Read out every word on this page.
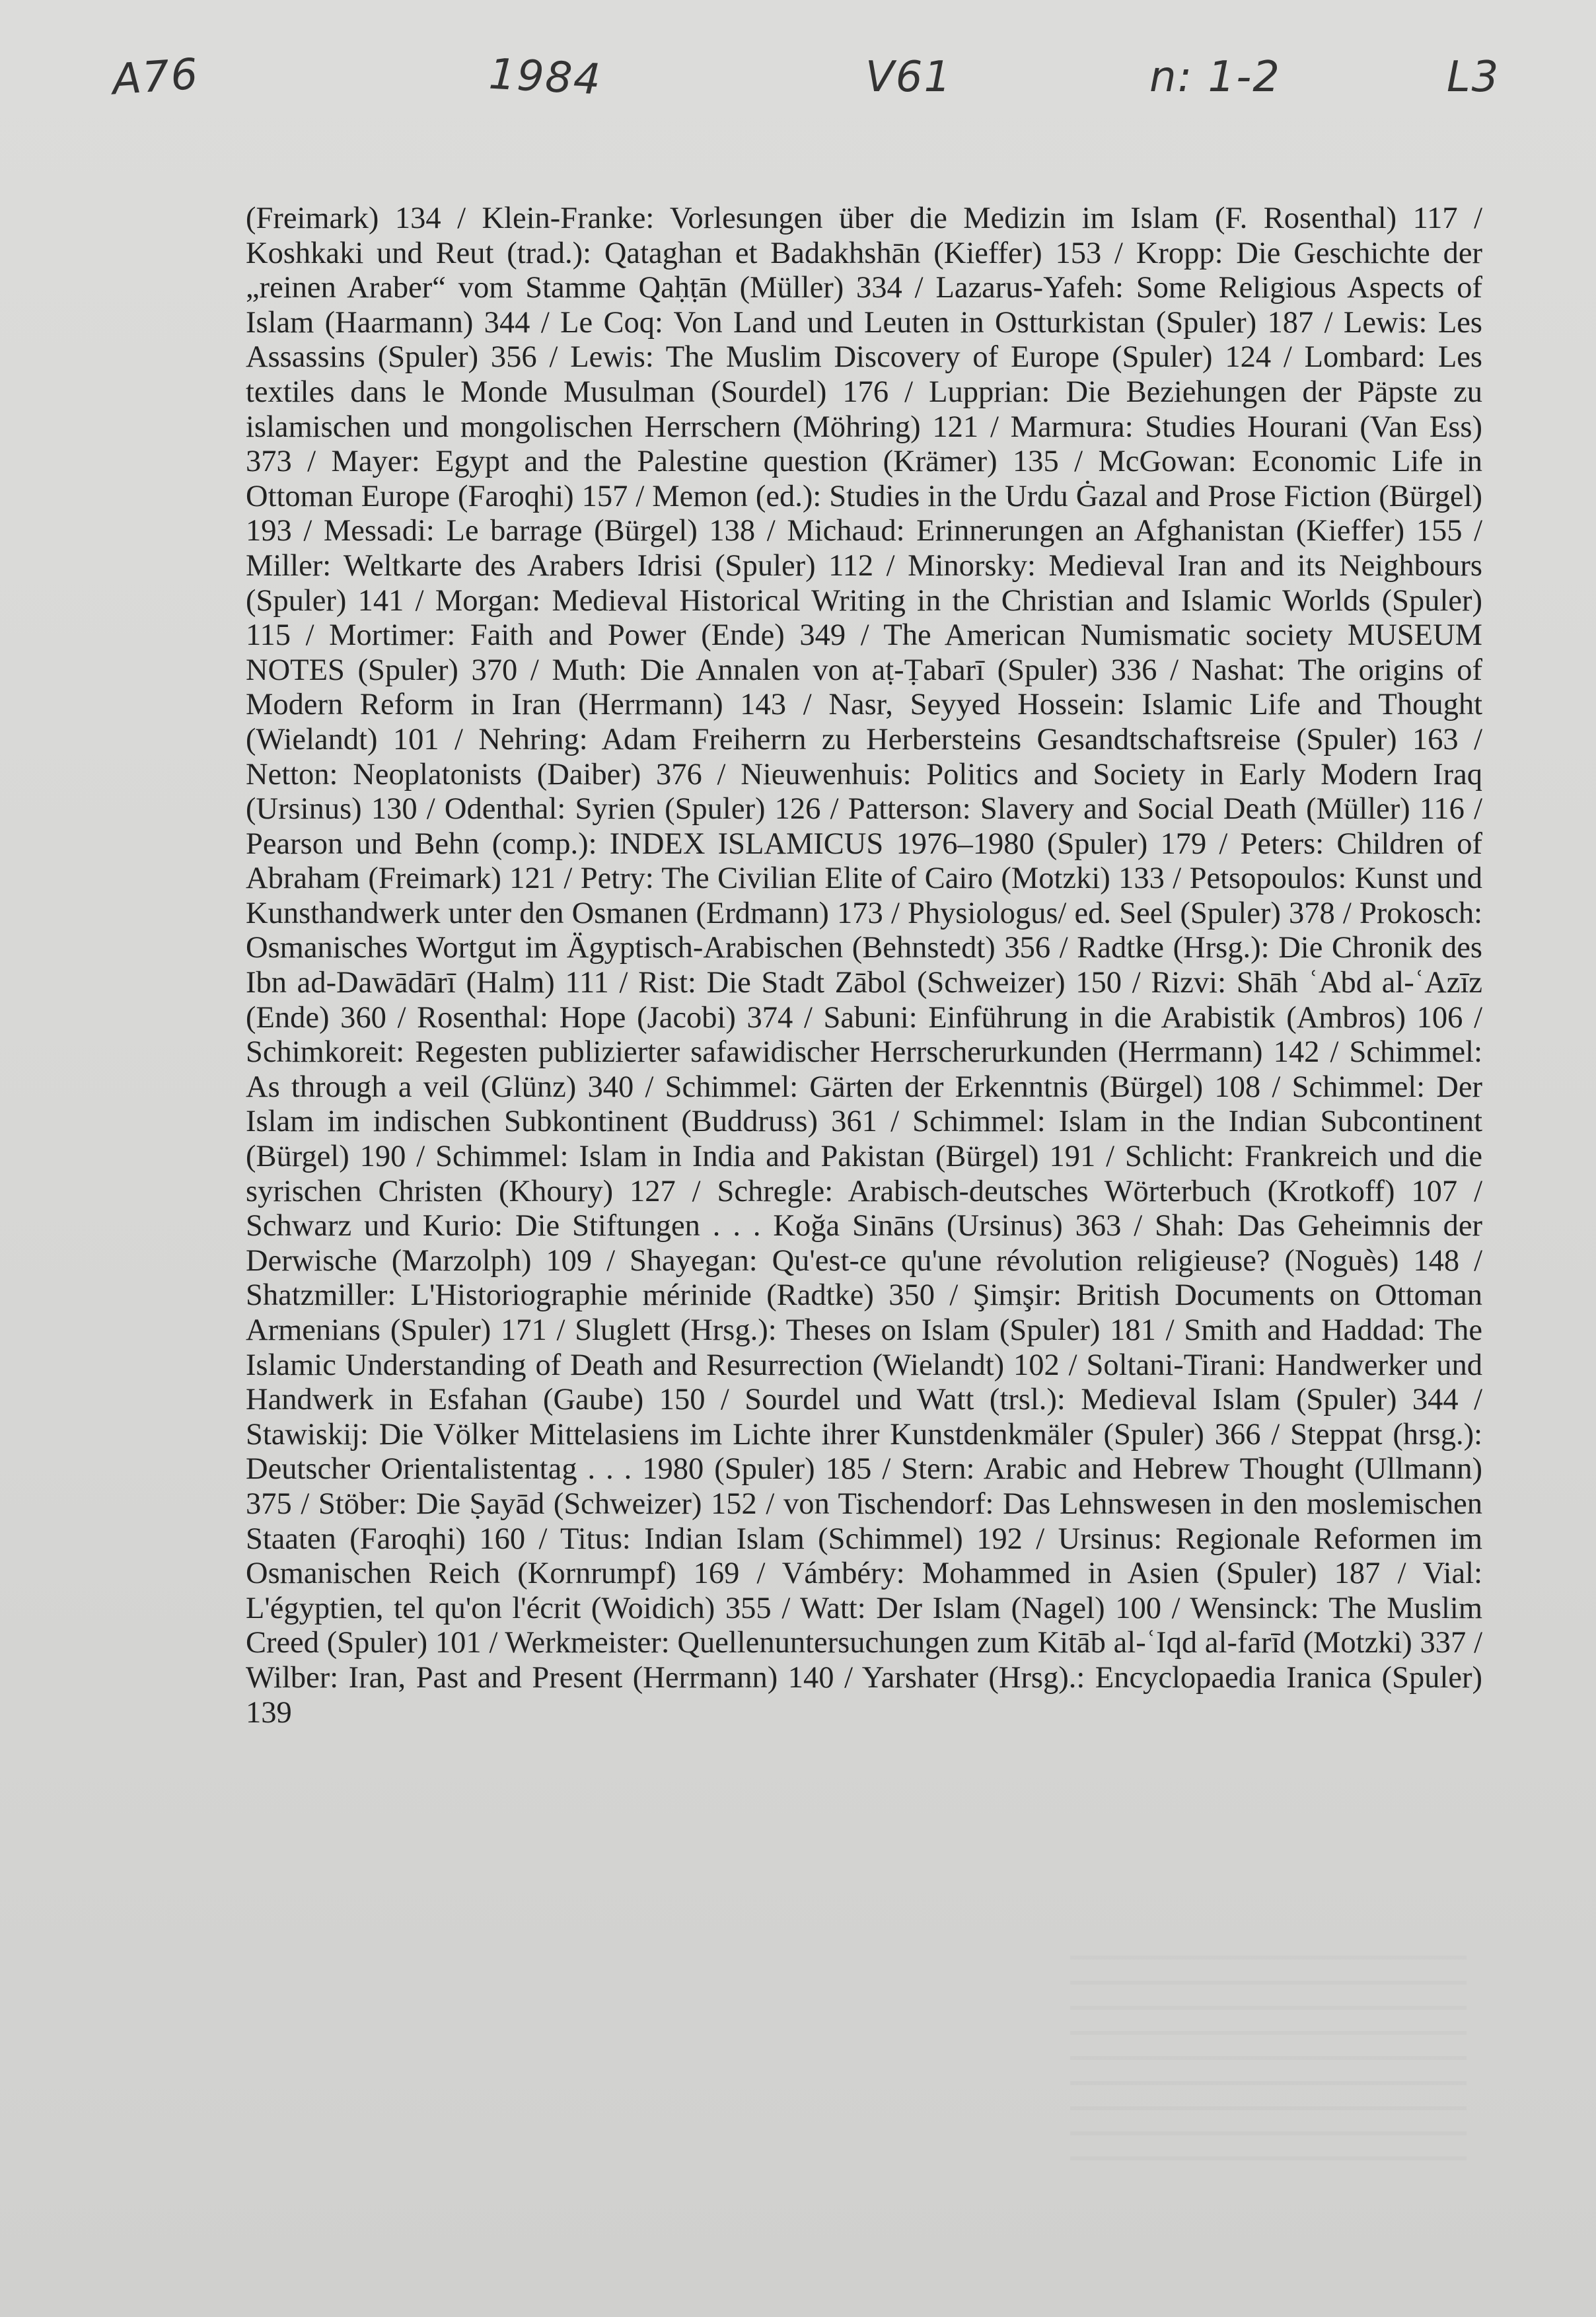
A76	1984	V61	n: 1-2	L3
(Freimark) 134 / Klein-Franke: Vorlesungen über die Medizin im Islam (F. Rosenthal) 117 / Koshkaki und Reut (trad.): Qataghan et Badakhshān (Kieffer) 153 / Kropp: Die Geschichte der „reinen Araber“ vom Stamme Qaḥṭān (Müller) 334 / Lazarus-Yafeh: Some Religious Aspects of Islam (Haarmann) 344 / Le Coq: Von Land und Leuten in Ostturkistan (Spuler) 187 / Lewis: Les Assassins (Spuler) 356 / Lewis: The Muslim Discovery of Europe (Spuler) 124 / Lombard: Les textiles dans le Monde Musulman (Sourdel) 176 / Lupprian: Die Beziehungen der Päpste zu islamischen und mongolischen Herrschern (Möhring) 121 / Marmura: Studies Hourani (Van Ess) 373 / Mayer: Egypt and the Palestine question (Krämer) 135 / McGowan: Economic Life in Ottoman Europe (Faroqhi) 157 / Memon (ed.): Studies in the Urdu Ġazal and Prose Fiction (Bürgel) 193 / Messadi: Le barrage (Bürgel) 138 / Michaud: Erinnerungen an Afghanistan (Kieffer) 155 / Miller: Weltkarte des Arabers Idrisi (Spuler) 112 / Minorsky: Medieval Iran and its Neighbours (Spuler) 141 / Morgan: Medieval Historical Writing in the Christian and Islamic Worlds (Spuler) 115 / Mortimer: Faith and Power (Ende) 349 / The American Numismatic society MUSEUM NOTES (Spuler) 370 / Muth: Die Annalen von aṭ-Ṭabarī (Spuler) 336 / Nashat: The origins of Modern Reform in Iran (Herrmann) 143 / Nasr, Seyyed Hossein: Islamic Life and Thought (Wielandt) 101 / Nehring: Adam Freiherrn zu Herbersteins Gesandtschaftsreise (Spuler) 163 / Netton: Neoplatonists (Daiber) 376 / Nieuwenhuis: Politics and Society in Early Modern Iraq (Ursinus) 130 / Odenthal: Syrien (Spuler) 126 / Patterson: Slavery and Social Death (Müller) 116 / Pearson und Behn (comp.): INDEX ISLAMICUS 1976–1980 (Spuler) 179 / Peters: Children of Abraham (Freimark) 121 / Petry: The Civilian Elite of Cairo (Motzki) 133 / Petsopoulos: Kunst und Kunsthandwerk unter den Osmanen (Erdmann) 173 / Physiologus/ ed. Seel (Spuler) 378 / Prokosch: Osmanisches Wortgut im Ägyptisch-Arabischen (Behnstedt) 356 / Radtke (Hrsg.): Die Chronik des Ibn ad-Dawādārī (Halm) 111 / Rist: Die Stadt Zābol (Schweizer) 150 / Rizvi: Shāh ʿAbd al-ʿAzīz (Ende) 360 / Rosenthal: Hope (Jacobi) 374 / Sabuni: Einführung in die Arabistik (Ambros) 106 / Schimkoreit: Regesten publizierter safawidischer Herrscherurkunden (Herrmann) 142 / Schimmel: As through a veil (Glünz) 340 / Schimmel: Gärten der Erkenntnis (Bürgel) 108 / Schimmel: Der Islam im indischen Subkontinent (Buddruss) 361 / Schimmel: Islam in the Indian Subcontinent (Bürgel) 190 / Schimmel: Islam in India and Pakistan (Bürgel) 191 / Schlicht: Frankreich und die syrischen Christen (Khoury) 127 / Schregle: Arabisch-deutsches Wörterbuch (Krotkoff) 107 / Schwarz und Kurio: Die Stiftungen . . . Koğa Sināns (Ursinus) 363 / Shah: Das Geheimnis der Derwische (Marzolph) 109 / Shayegan: Qu'est-ce qu'une révolution religieuse? (Noguès) 148 / Shatzmiller: L'Historiographie mérinide (Radtke) 350 / Şimşir: British Documents on Ottoman Armenians (Spuler) 171 / Sluglett (Hrsg.): Theses on Islam (Spuler) 181 / Smith and Haddad: The Islamic Understanding of Death and Resurrection (Wielandt) 102 / Soltani-Tirani: Handwerker und Handwerk in Esfahan (Gaube) 150 / Sourdel und Watt (trsl.): Medieval Islam (Spuler) 344 / Stawiskij: Die Völker Mittelasiens im Lichte ihrer Kunstdenkmäler (Spuler) 366 / Steppat (hrsg.): Deutscher Orientalistentag . . . 1980 (Spuler) 185 / Stern: Arabic and Hebrew Thought (Ullmann) 375 / Stöber: Die Ṣayād (Schweizer) 152 / von Tischendorf: Das Lehnswesen in den moslemischen Staaten (Faroqhi) 160 / Titus: Indian Islam (Schimmel) 192 / Ursinus: Regionale Reformen im Osmanischen Reich (Kornrumpf) 169 / Vámbéry: Mohammed in Asien (Spuler) 187 / Vial: L'égyptien, tel qu'on l'écrit (Woidich) 355 / Watt: Der Islam (Nagel) 100 / Wensinck: The Muslim Creed (Spuler) 101 / Werkmeister: Quellenuntersuchungen zum Kitāb al-ʿIqd al-farīd (Motzki) 337 / Wilber: Iran, Past and Present (Herrmann) 140 / Yarshater (Hrsg).: Encyclopaedia Iranica (Spuler) 139
